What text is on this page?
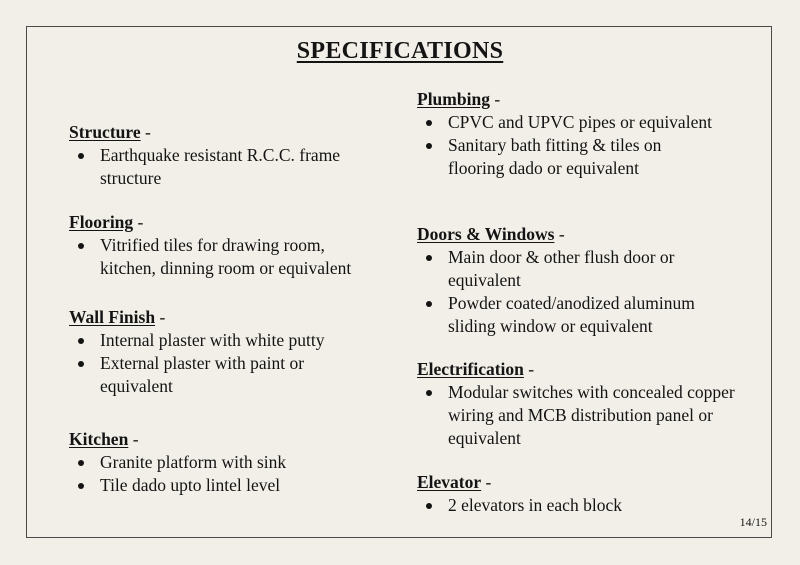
SPECIFICATIONS
Structure -
Earthquake resistant R.C.C. frame structure
Flooring -
Vitrified tiles for drawing room, kitchen, dinning room or equivalent
Wall Finish -
Internal plaster with white putty
External plaster with paint or equivalent
Kitchen -
Granite platform with sink
Tile dado upto lintel level
Plumbing -
CPVC and UPVC pipes or equivalent
Sanitary bath fitting & tiles on flooring dado or equivalent
Doors & Windows -
Main door & other flush door or equivalent
Powder coated/anodized aluminum sliding window or equivalent
Electrification -
Modular switches with concealed copper wiring and MCB distribution panel or equivalent
Elevator -
2 elevators in each block
14/15
